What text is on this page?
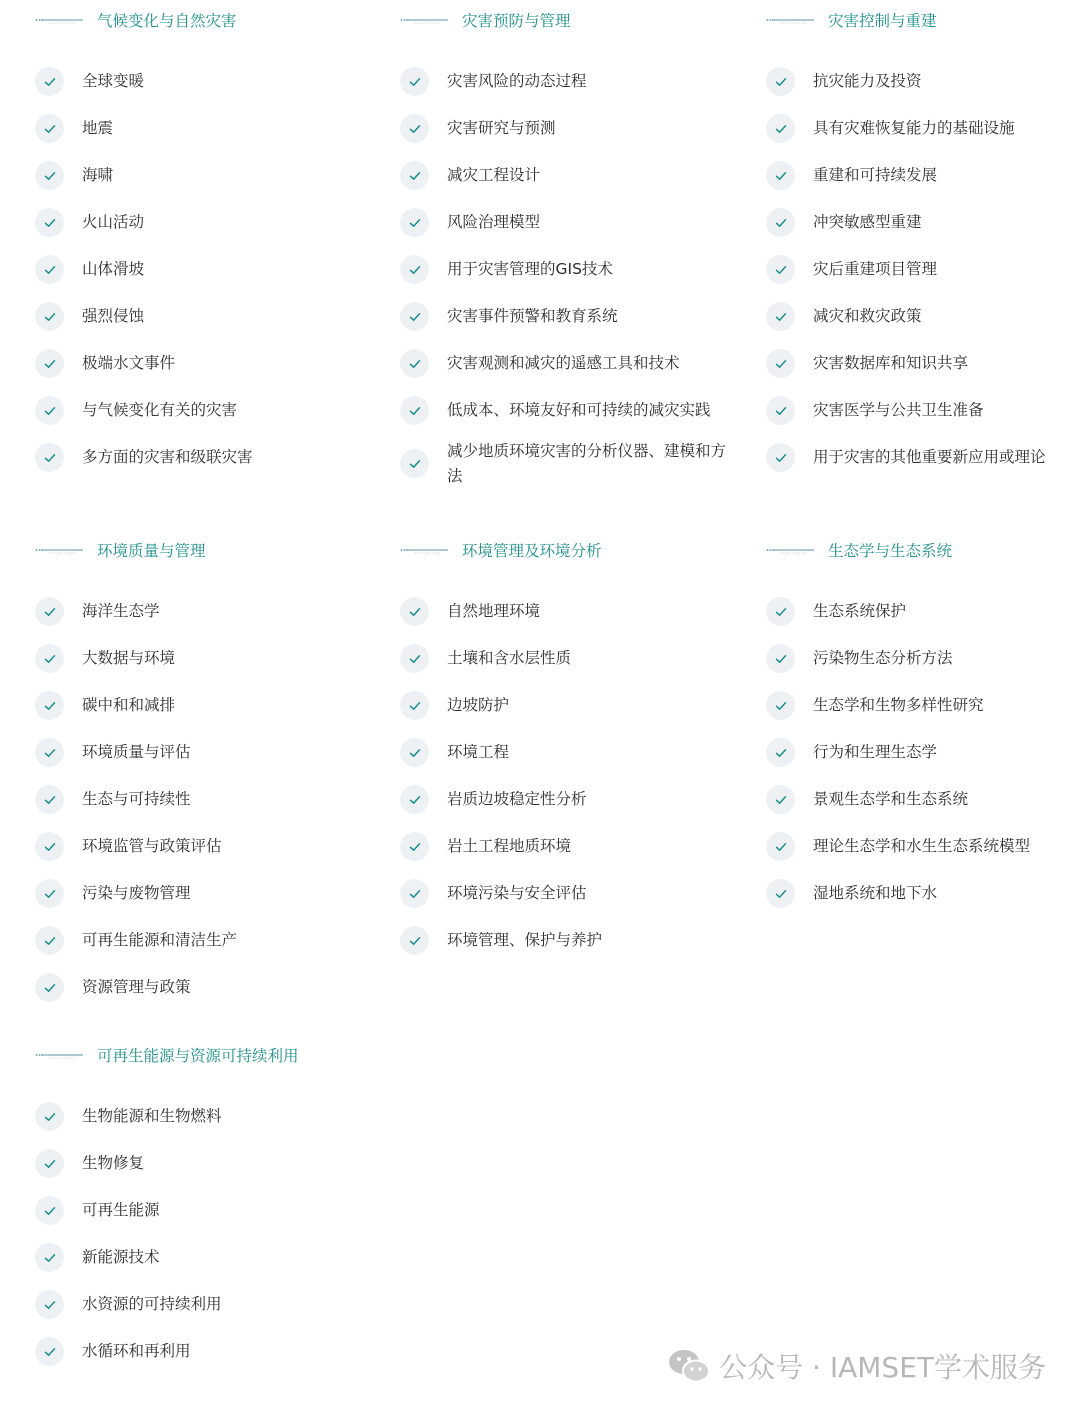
气候变化与自然灾害
全球变暖
地震
海啸
火山活动
山体滑坡
强烈侵蚀
极端水文事件
与气候变化有关的灾害
多方面的灾害和级联灾害
灾害预防与管理
灾害风险的动态过程
灾害研究与预测
减灾工程设计
风险治理模型
用于灾害管理的GIS技术
灾害事件预警和教育系统
灾害观测和减灾的遥感工具和技术
低成本、环境友好和可持续的减灾实践
减少地质环境灾害的分析仪器、建模和方法
灾害控制与重建
抗灾能力及投资
具有灾难恢复能力的基础设施
重建和可持续发展
冲突敏感型重建
灾后重建项目管理
减灾和救灾政策
灾害数据库和知识共享
灾害医学与公共卫生准备
用于灾害的其他重要新应用或理论
环境质量与管理
海洋生态学
大数据与环境
碳中和和减排
环境质量与评估
生态与可持续性
环境监管与政策评估
污染与废物管理
可再生能源和清洁生产
资源管理与政策
环境管理及环境分析
自然地理环境
土壤和含水层性质
边坡防护
环境工程
岩质边坡稳定性分析
岩土工程地质环境
环境污染与安全评估
环境管理、保护与养护
生态学与生态系统
生态系统保护
污染物生态分析方法
生态学和生物多样性研究
行为和生理生态学
景观生态学和生态系统
理论生态学和水生生态系统模型
湿地系统和地下水
可再生能源与资源可持续利用
生物能源和生物燃料
生物修复
可再生能源
新能源技术
水资源的可持续利用
水循环和再利用	公众号 · IAMSET学术服务
